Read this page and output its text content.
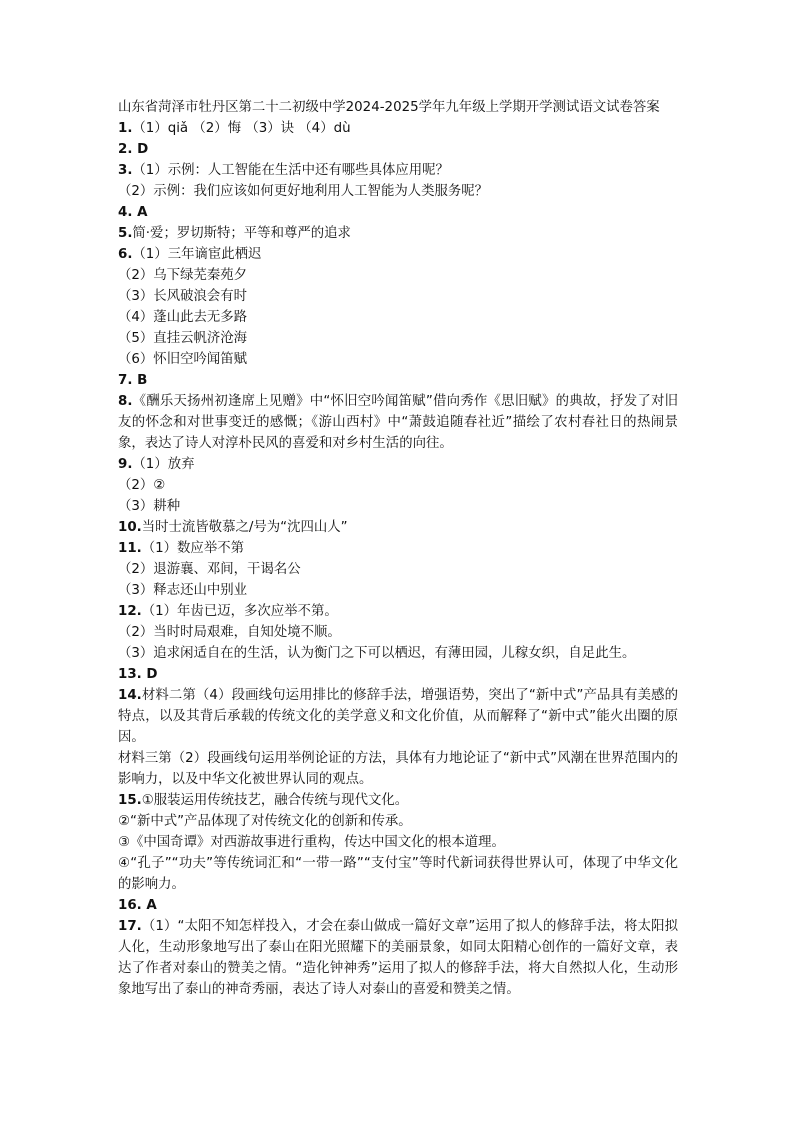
山东省菏泽市牡丹区第二十二初级中学2024-2025学年九年级上学期开学测试语文试卷答案

1.（1）qiǎ （2）悔 （3）诀 （4）dù

2. D

3.（1）示例：人工智能在生活中还有哪些具体应用呢？

（2）示例：我们应该如何更好地利用人工智能为人类服务呢？

4. A

5.简·爱；罗切斯特；平等和尊严的追求

6.（1）三年谪宦此栖迟

（2）乌下绿芜秦苑夕

（3）长风破浪会有时

（4）蓬山此去无多路

（5）直挂云帆济沧海

（6）怀旧空吟闻笛赋

7. B

8.《酬乐天扬州初逢席上见赠》中“怀旧空吟闻笛赋”借向秀作《思旧赋》的典故，抒发了对旧友的怀念和对世事变迁的感慨；《游山西村》中“萧鼓追随春社近”描绘了农村春社日的热闹景象，表达了诗人对淳朴民风的喜爱和对乡村生活的向往。

9.（1）放弃

（2）②

（3）耕种

10.当时士流皆敬慕之/号为“沈四山人”

11.（1）数应举不第

（2）退游襄、邓间，干谒名公

（3）释志还山中别业

12.（1）年齿已迈，多次应举不第。

（2）当时时局艰难，自知处境不顺。

（3）追求闲适自在的生活，认为衡门之下可以栖迟，有薄田园，儿稼女织，自足此生。

13. D

14.材料二第（4）段画线句运用排比的修辞手法，增强语势，突出了“新中式”产品具有美感的特点，以及其背后承载的传统文化的美学意义和文化价值，从而解释了“新中式”能火出圈的原因。

材料三第（2）段画线句运用举例论证的方法，具体有力地论证了“新中式”风潮在世界范围内的影响力，以及中华文化被世界认同的观点。

15.①服装运用传统技艺，融合传统与现代文化。

②“新中式”产品体现了对传统文化的创新和传承。

③《中国奇谭》对西游故事进行重构，传达中国文化的根本道理。

④“孔子”“功夫”等传统词汇和“一带一路”“支付宝”等时代新词获得世界认可，体现了中华文化的影响力。

16. A

17.（1）“太阳不知怎样投入，才会在泰山做成一篇好文章”运用了拟人的修辞手法，将太阳拟人化，生动形象地写出了泰山在阳光照耀下的美丽景象，如同太阳精心创作的一篇好文章，表达了作者对泰山的赞美之情。“造化钟神秀”运用了拟人的修辞手法，将大自然拟人化，生动形象地写出了泰山的神奇秀丽，表达了诗人对泰山的喜爱和赞美之情。
